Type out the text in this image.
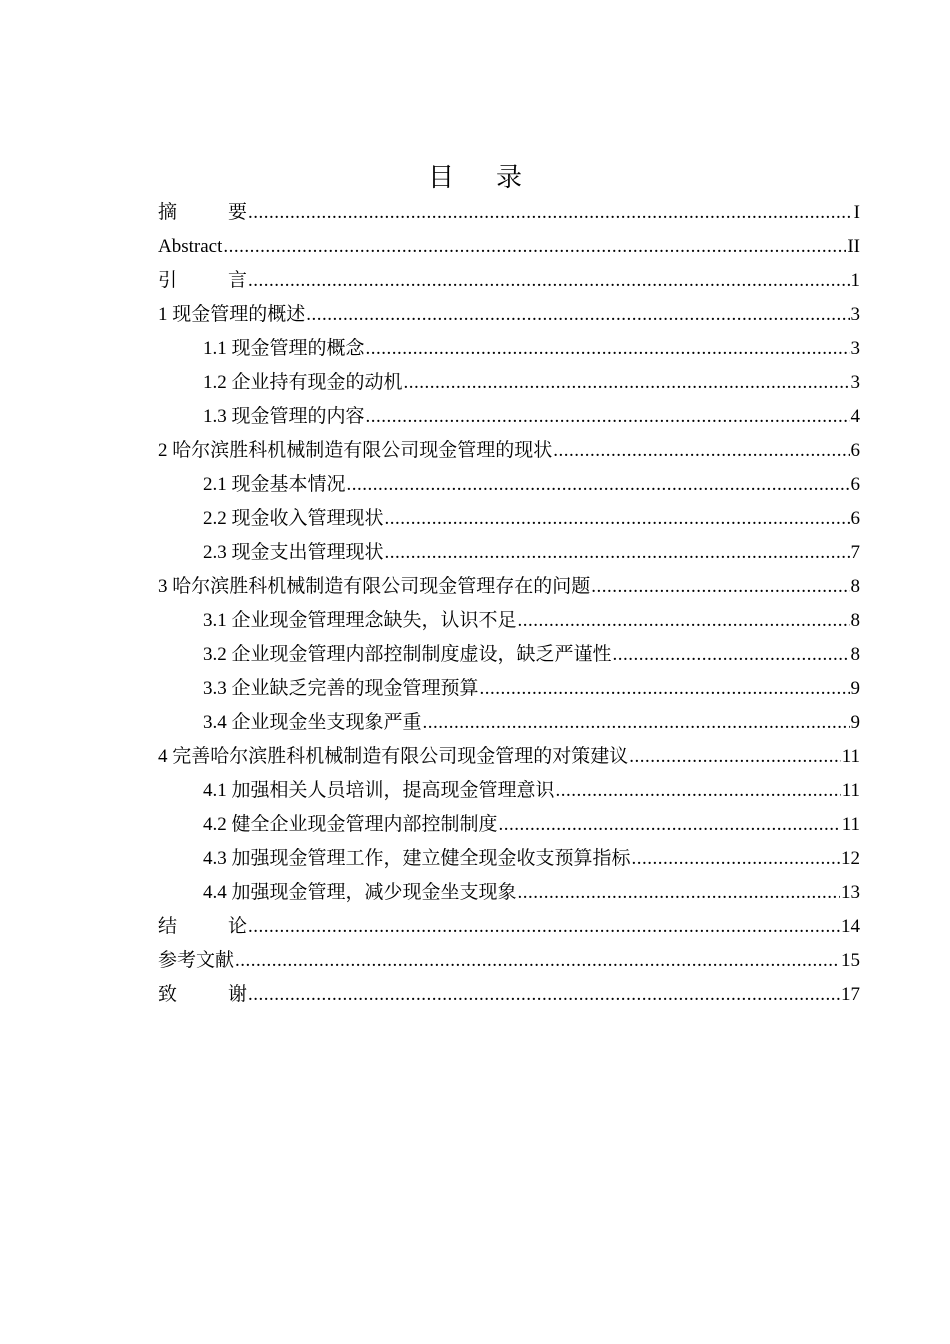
目 录
摘	要 .....	I
Abstract .....	II
引	言 .....	1
1 现金管理的概述 .....	3
1.1 现金管理的概念 .....	3
1.2 企业持有现金的动机 .....	3
1.3 现金管理的内容 .....	4
2 哈尔滨胜科机械制造有限公司现金管理的现状 .....	6
2.1 现金基本情况 .....	6
2.2 现金收入管理现状 .....	6
2.3 现金支出管理现状 .....	7
3 哈尔滨胜科机械制造有限公司现金管理存在的问题 .....	8
3.1 企业现金管理理念缺失，认识不足 .....	8
3.2 企业现金管理内部控制制度虚设，缺乏严谨性 .....	8
3.3 企业缺乏完善的现金管理预算 .....	9
3.4 企业现金坐支现象严重 .....	9
4 完善哈尔滨胜科机械制造有限公司现金管理的对策建议 .....	11
4.1 加强相关人员培训，提高现金管理意识 .....	11
4.2 健全企业现金管理内部控制制度 .....	11
4.3 加强现金管理工作，建立健全现金收支预算指标 .....	12
4.4 加强现金管理，减少现金坐支现象 .....	13
结	论 .....	14
参考文献 .....	15
致	谢 .....	17
